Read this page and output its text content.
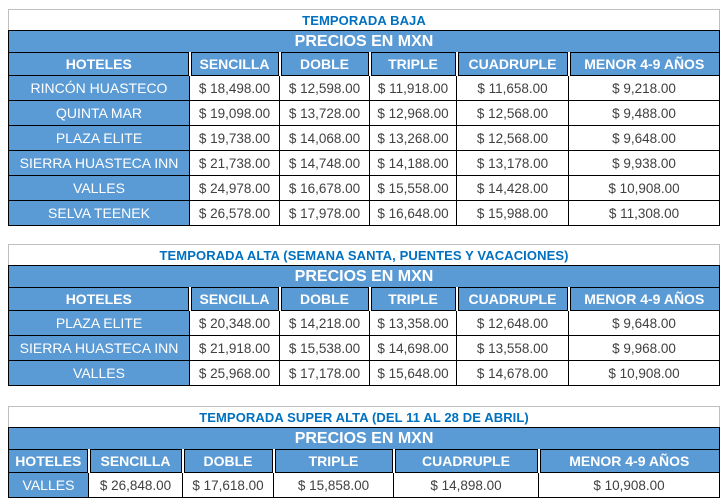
TEMPORADA BAJA					
PRECIOS EN MXN					
HOTELES	SENCILLA	DOBLE	TRIPLE	CUADRUPLE	MENOR 4-9 AÑOS
RINCÓN HUASTECO	$ 18,498.00	$ 12,598.00	$ 11,918.00	$ 11,658.00	$ 9,218.00
QUINTA MAR	$ 19,098.00	$ 13,728.00	$ 12,968.00	$ 12,568.00	$ 9,488.00
PLAZA ELITE	$ 19,738.00	$ 14,068.00	$ 13,268.00	$ 12,568.00	$ 9,648.00
SIERRA HUASTECA INN	$ 21,738.00	$ 14,748.00	$ 14,188.00	$ 13,178.00	$ 9,938.00
VALLES	$ 24,978.00	$ 16,678.00	$ 15,558.00	$ 14,428.00	$ 10,908.00
SELVA TEENEK	$ 26,578.00	$ 17,978.00	$ 16,648.00	$ 15,988.00	$ 11,308.00
TEMPORADA ALTA (SEMANA SANTA, PUENTES Y VACACIONES)					
PRECIOS EN MXN					
HOTELES	SENCILLA	DOBLE	TRIPLE	CUADRUPLE	MENOR 4-9 AÑOS
PLAZA ELITE	$ 20,348.00	$ 14,218.00	$ 13,358.00	$ 12,648.00	$ 9,648.00
SIERRA HUASTECA INN	$ 21,918.00	$ 15,538.00	$ 14,698.00	$ 13,558.00	$ 9,968.00
VALLES	$ 25,968.00	$ 17,178.00	$ 15,648.00	$ 14,678.00	$ 10,908.00
TEMPORADA SUPER ALTA (DEL 11 AL 28 DE ABRIL)					
PRECIOS EN MXN					
HOTELES	SENCILLA	DOBLE	TRIPLE	CUADRUPLE	MENOR 4-9 AÑOS
VALLES	$ 26,848.00	$ 17,618.00	$ 15,858.00	$ 14,898.00	$ 10,908.00
